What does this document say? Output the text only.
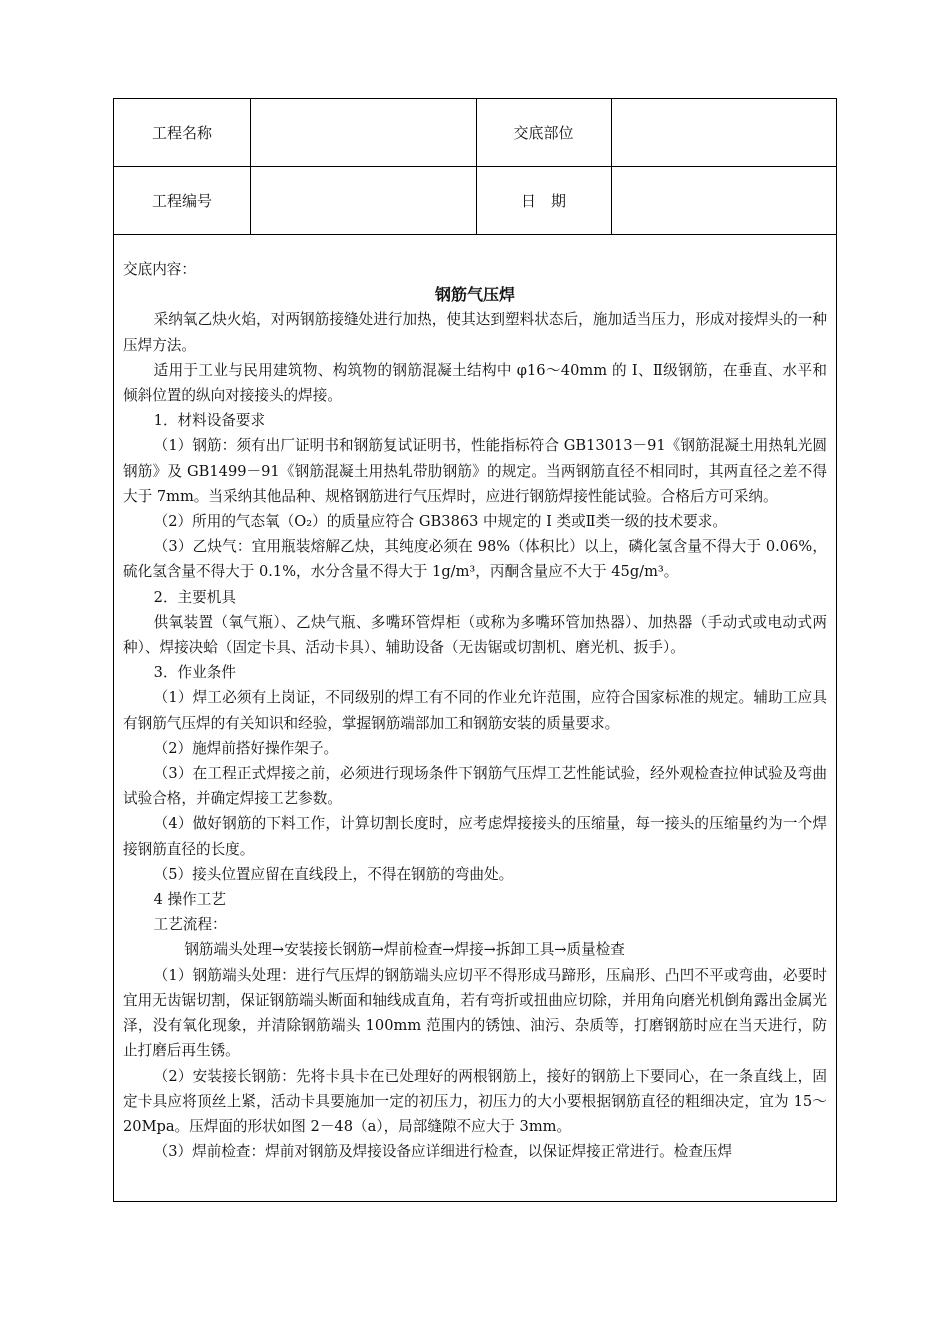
工程名称	交底部位
工程编号	日　期

交底内容：

钢筋气压焊

采纳氧乙炔火焰，对两钢筋接缝处进行加热，使其达到塑料状态后，施加适当压力，形成对接焊头的一种压焊方法。

适用于工业与民用建筑物、构筑物的钢筋混凝土结构中 φ16～40mm 的 I、Ⅱ级钢筋，在垂直、水平和倾斜位置的纵向对接接头的焊接。

1．材料设备要求

（1）钢筋：须有出厂证明书和钢筋复试证明书，性能指标符合 GB13013－91《钢筋混凝土用热轧光圆钢筋》及 GB1499－91《钢筋混凝土用热轧带肋钢筋》的规定。当两钢筋直径不相同时，其两直径之差不得大于 7mm。当采纳其他品种、规格钢筋进行气压焊时，应进行钢筋焊接性能试验。合格后方可采纳。

（2）所用的气态氧（O₂）的质量应符合 GB3863 中规定的 I 类或Ⅱ类一级的技术要求。

（3）乙炔气：宜用瓶装熔解乙炔，其纯度必须在 98%（体积比）以上，磷化氢含量不得大于 0.06%，硫化氢含量不得大于 0.1%，水分含量不得大于 1g/m³，丙酮含量应不大于 45g/m³。

2．主要机具

供氧装置（氧气瓶）、乙炔气瓶、多嘴环管焊柜（或称为多嘴环管加热器）、加热器（手动式或电动式两种）、焊接决蛤（固定卡具、活动卡具）、辅助设备（无齿锯或切割机、磨光机、扳手）。

3．作业条件

（1）焊工必须有上岗证，不同级别的焊工有不同的作业允许范围，应符合国家标准的规定。辅助工应具有钢筋气压焊的有关知识和经验，掌握钢筋端部加工和钢筋安装的质量要求。

（2）施焊前搭好操作架子。

（3）在工程正式焊接之前，必须进行现场条件下钢筋气压焊工艺性能试验，经外观检查拉伸试验及弯曲试验合格，并确定焊接工艺参数。

（4）做好钢筋的下料工作，计算切割长度时，应考虑焊接接头的压缩量，每一接头的压缩量约为一个焊接钢筋直径的长度。

（5）接头位置应留在直线段上，不得在钢筋的弯曲处。

4 操作工艺

工艺流程：

钢筋端头处理→安装接长钢筋→焊前检查→焊接→拆卸工具→质量检查

（1）钢筋端头处理：进行气压焊的钢筋端头应切平不得形成马蹄形，压扁形、凸凹不平或弯曲，必要时宜用无齿锯切割，保证钢筋端头断面和轴线成直角，若有弯折或扭曲应切除，并用角向磨光机倒角露出金属光泽，没有氧化现象，并清除钢筋端头 100mm 范围内的锈蚀、油污、杂质等，打磨钢筋时应在当天进行，防止打磨后再生锈。

（2）安装接长钢筋：先将卡具卡在已处理好的两根钢筋上，接好的钢筋上下要同心，在一条直线上，固定卡具应将顶丝上紧，活动卡具要施加一定的初压力，初压力的大小要根据钢筋直径的粗细决定，宜为 15～20Mpa。压焊面的形状如图 2－48（a），局部缝隙不应大于 3mm。

（3）焊前检查：焊前对钢筋及焊接设备应详细进行检查，以保证焊接正常进行。检查压焊
